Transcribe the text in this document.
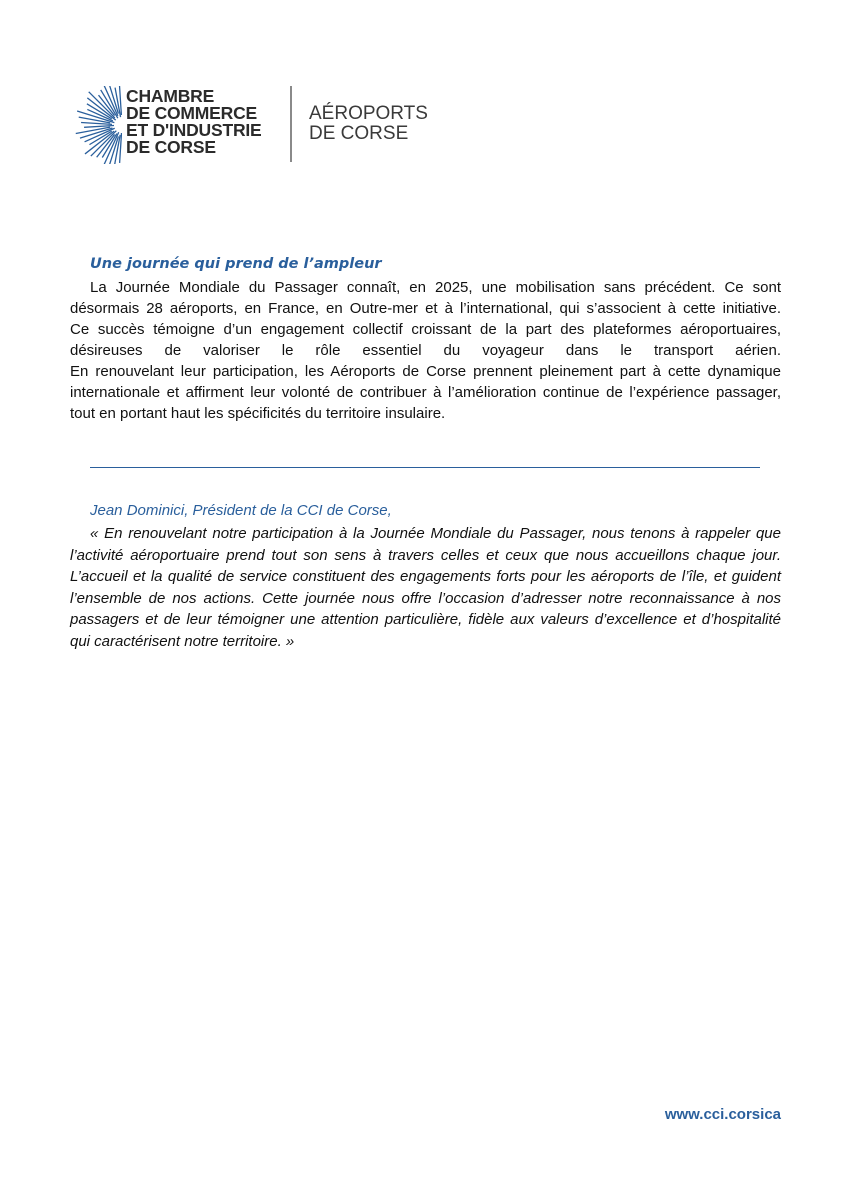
CHAMBRE
DE COMMERCE
ET D'INDUSTRIE
DE CORSE
AÉROPORTS
DE CORSE
Une journée qui prend de l’ampleur

La Journée Mondiale du Passager connaît, en 2025, une mobilisation sans précédent. Ce sont
désormais 28 aéroports, en France, en Outre-mer et à l’international, qui s’associent à cette initiative.
Ce succès témoigne d’un engagement collectif croissant de la part des plateformes aéroportuaires,
désireuses de valoriser le rôle essentiel du voyageur dans le transport aérien.
En renouvelant leur participation, les Aéroports de Corse prennent pleinement part à cette dynamique
internationale et affirment leur volonté de contribuer à l’amélioration continue de l’expérience passager,
tout en portant haut les spécificités du territoire insulaire.

Jean Dominici, Président de la CCI de Corse,

« En renouvelant notre participation à la Journée Mondiale du Passager, nous tenons à rappeler que
l’activité aéroportuaire prend tout son sens à travers celles et ceux que nous accueillons chaque jour.
L’accueil et la qualité de service constituent des engagements forts pour les aéroports de l’île, et guident
l’ensemble de nos actions. Cette journée nous offre l’occasion d’adresser notre reconnaissance à nos
passagers et de leur témoigner une attention particulière, fidèle aux valeurs d’excellence et d’hospitalité
qui caractérisent notre territoire. »

www.cci.corsica
